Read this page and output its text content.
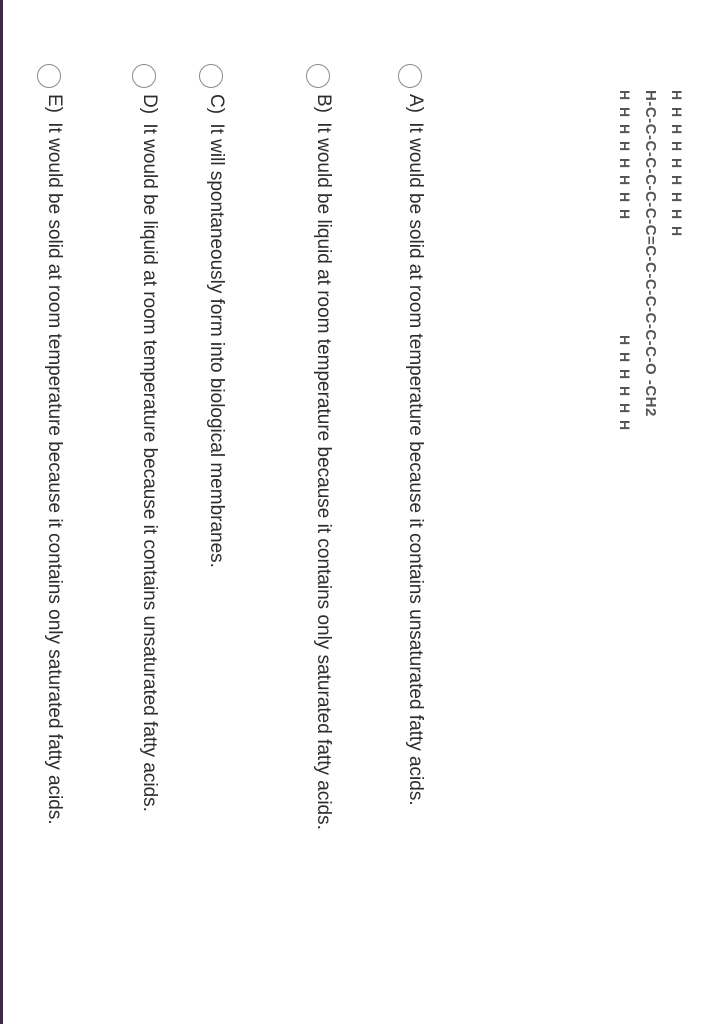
H H H H H H H H H
H-C-C-C-C-C-C-C-C=C-C-C-C-C-C-C-O -CH2
H H H H H H H H
H H H H H H
A) It would be solid at room temperature because it contains unsaturated fatty acids.
B) It would be liquid at room temperature because it contains only saturated fatty acids.
C) It will spontaneously form into biological membranes.
D) It would be liquid at room temperature because it contains unsaturated fatty acids.
E) It would be solid at room temperature because it contains only saturated fatty acids.
